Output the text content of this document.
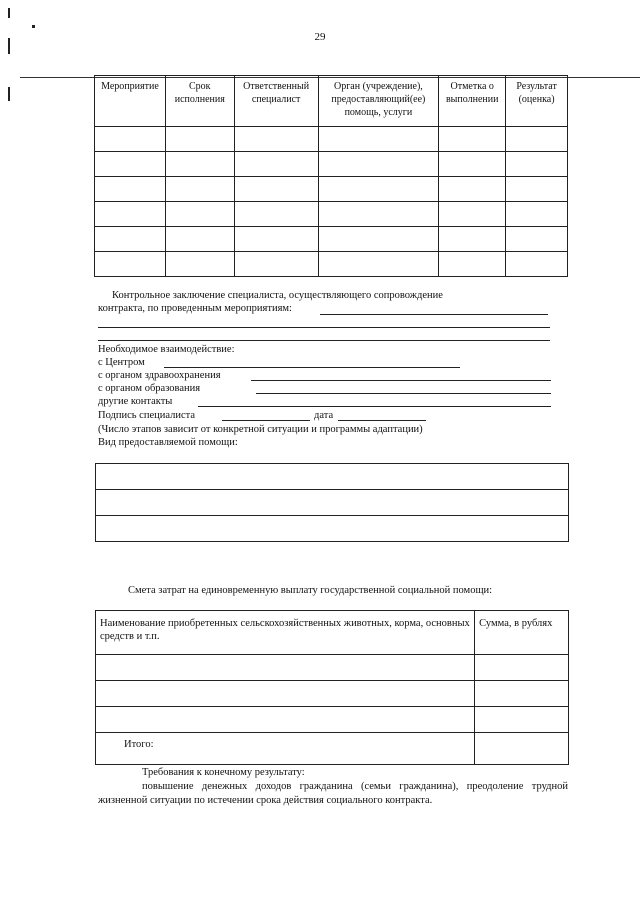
29
Мероприятие	Срок исполнения	Ответственный специалист	Орган (учреждение), предоставляющий(ее) помощь, услуги	Отметка о выполнении	Результат (оценка)

Контрольное заключение специалиста, осуществляющего сопровождение
контракта, по проведенным мероприятиям:
Необходимое взаимодействие:
с Центром
с органом здравоохранения
с органом образования
другие контакты
Подпись специалиста	дата
(Число этапов зависит от конкретной ситуации и программы адаптации)
Вид предоставляемой помощи:

Смета затрат на единовременную выплату государственной социальной помощи:
Наименование приобретенных сельскохозяйственных животных, корма, основных средств и т.п.	Сумма, в рублях

Итого:	
Требования к конечному результату:
повышение денежных доходов гражданина (семьи гражданина), преодоление трудной жизненной ситуации по истечении срока действия социального контракта.
